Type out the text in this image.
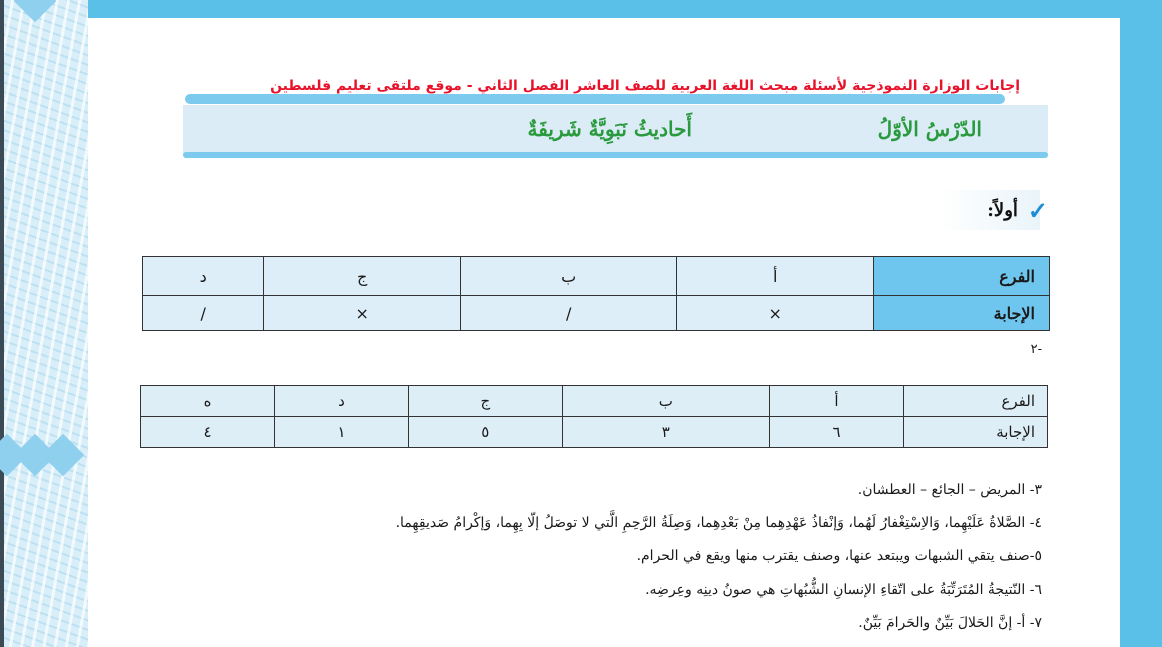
إجابات الوزارة النموذجية لأسئلة مبحث اللغة العربية للصف العاشر الفصل الثاني - موقع ملتقى تعليم فلسطين
الدّرْسُ الأوّلُ
أَحاديثُ نَبَوِيَّةٌ شَريفَةٌ
أولاً: ✓
الفرع	أ	ب	ج	د
الإجابة	×	/	×	/
-٢
الفرع	أ	ب	ج	د	ه
الإجابة	٦	٣	٥	١	٤
٣- المريض – الجائع – العطشان.
٤- الصَّلاةُ عَلَيْهِما، وَالاِسْتِغْفارُ لَهُما، وَإنْفاذُ عَهْدِهِما مِنْ بَعْدِهِما، وَصِلَةُ الرَّحِمِ الَّتي لا توصَلُ إلّا بِهِما، وَإكْرامُ صَديقِهِما.
٥-صنف يتقي الشبهات ويبتعد عنها، وصنف يقترب منها ويقع في الحرام.
٦- النّتيجةُ المُتَرَتِّبَةُ على اتّقاءِ الإنسانِ الشُّبُهاتِ هي صونُ دينِه وعِرضِه.
٧- أ- إنَّ الحَلالَ بَيِّنٌ والحَرامَ بَيِّنٌ.
